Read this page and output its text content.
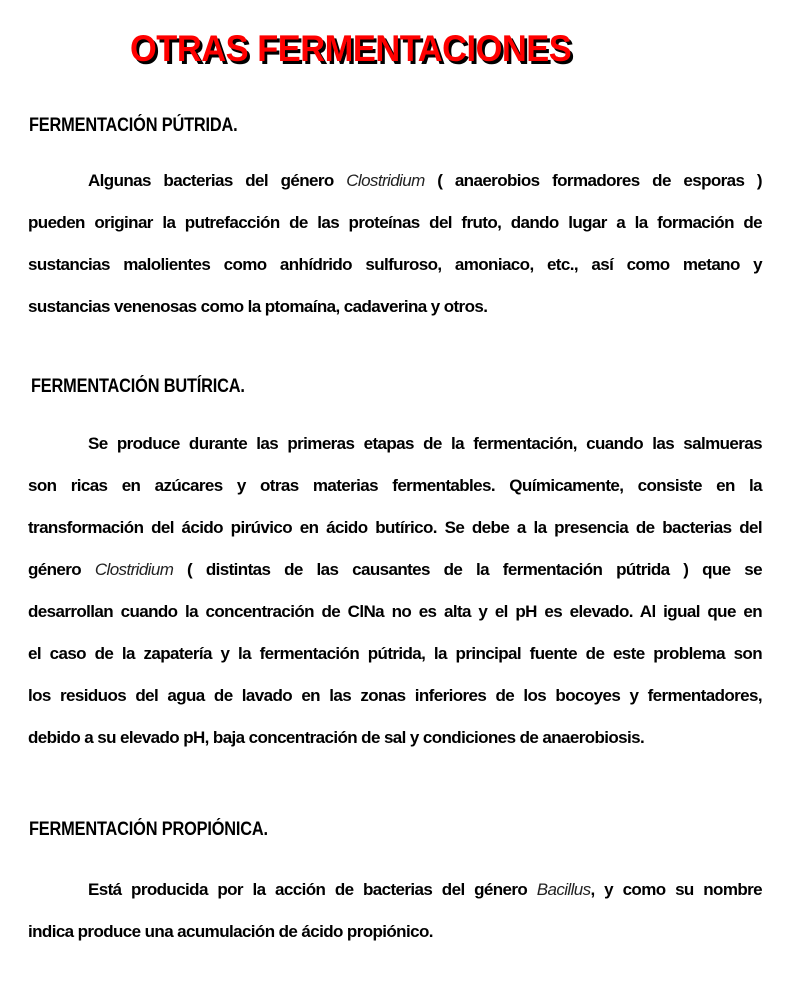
OTRAS FERMENTACIONES
FERMENTACIÓN PÚTRIDA.
Algunas bacterias del género Clostridium ( anaerobios formadores de esporas )
pueden originar la putrefacción de las proteínas del fruto, dando lugar a la formación de
sustancias malolientes como anhídrido sulfuroso, amoniaco, etc., así como metano y
sustancias venenosas como la ptomaína, cadaverina y otros.
FERMENTACIÓN BUTÍRICA.
Se produce durante las primeras etapas de la fermentación, cuando las salmueras
son ricas en azúcares y otras materias fermentables. Químicamente, consiste en la
transformación del ácido pirúvico en ácido butírico. Se debe a la presencia de bacterias del
género Clostridium ( distintas de las causantes de la fermentación pútrida ) que se
desarrollan cuando la concentración de ClNa no es alta y el pH es elevado. Al igual que en
el caso de la zapatería y la fermentación pútrida, la principal fuente de este problema son
los residuos del agua de lavado en las zonas inferiores de los bocoyes y fermentadores,
debido a su elevado pH, baja concentración de sal y condiciones de anaerobiosis.
FERMENTACIÓN PROPIÓNICA.
Está producida por la acción de bacterias del género Bacillus, y como su nombre
indica produce una acumulación de ácido propiónico.
